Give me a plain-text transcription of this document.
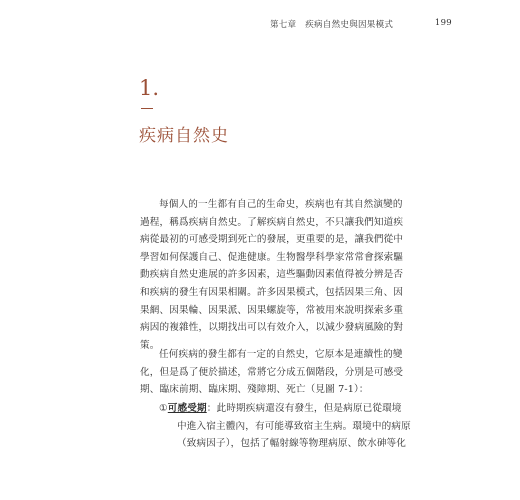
第七章　疾病自然史與因果模式	199
1.
疾病自然史
每個人的一生都有自己的生命史，疾病也有其自然演變的
過程，稱爲疾病自然史。了解疾病自然史，不只讓我們知道疾
病從最初的可感受期到死亡的發展，更重要的是，讓我們從中
學習如何保護自己、促進健康。生物醫學科學家常常會探索驅
動疾病自然史進展的許多因素，這些驅動因素值得被分辨是否
和疾病的發生有因果相關。許多因果模式，包括因果三角、因
果網、因果輪、因果派、因果螺旋等，常被用來說明探索多重
病因的複雜性，以期找出可以有效介入，以減少發病風險的對
策。
任何疾病的發生都有一定的自然史，它原本是連續性的變
化，但是爲了便於描述，常將它分成五個階段，分別是可感受
期、臨床前期、臨床期、殘障期、死亡（見圖 7-1）：
①可感受期：此時期疾病還沒有發生，但是病原已從環境
中進入宿主體內，有可能導致宿主生病。環境中的病原
（致病因子），包括了輻射線等物理病原、飲水砷等化
